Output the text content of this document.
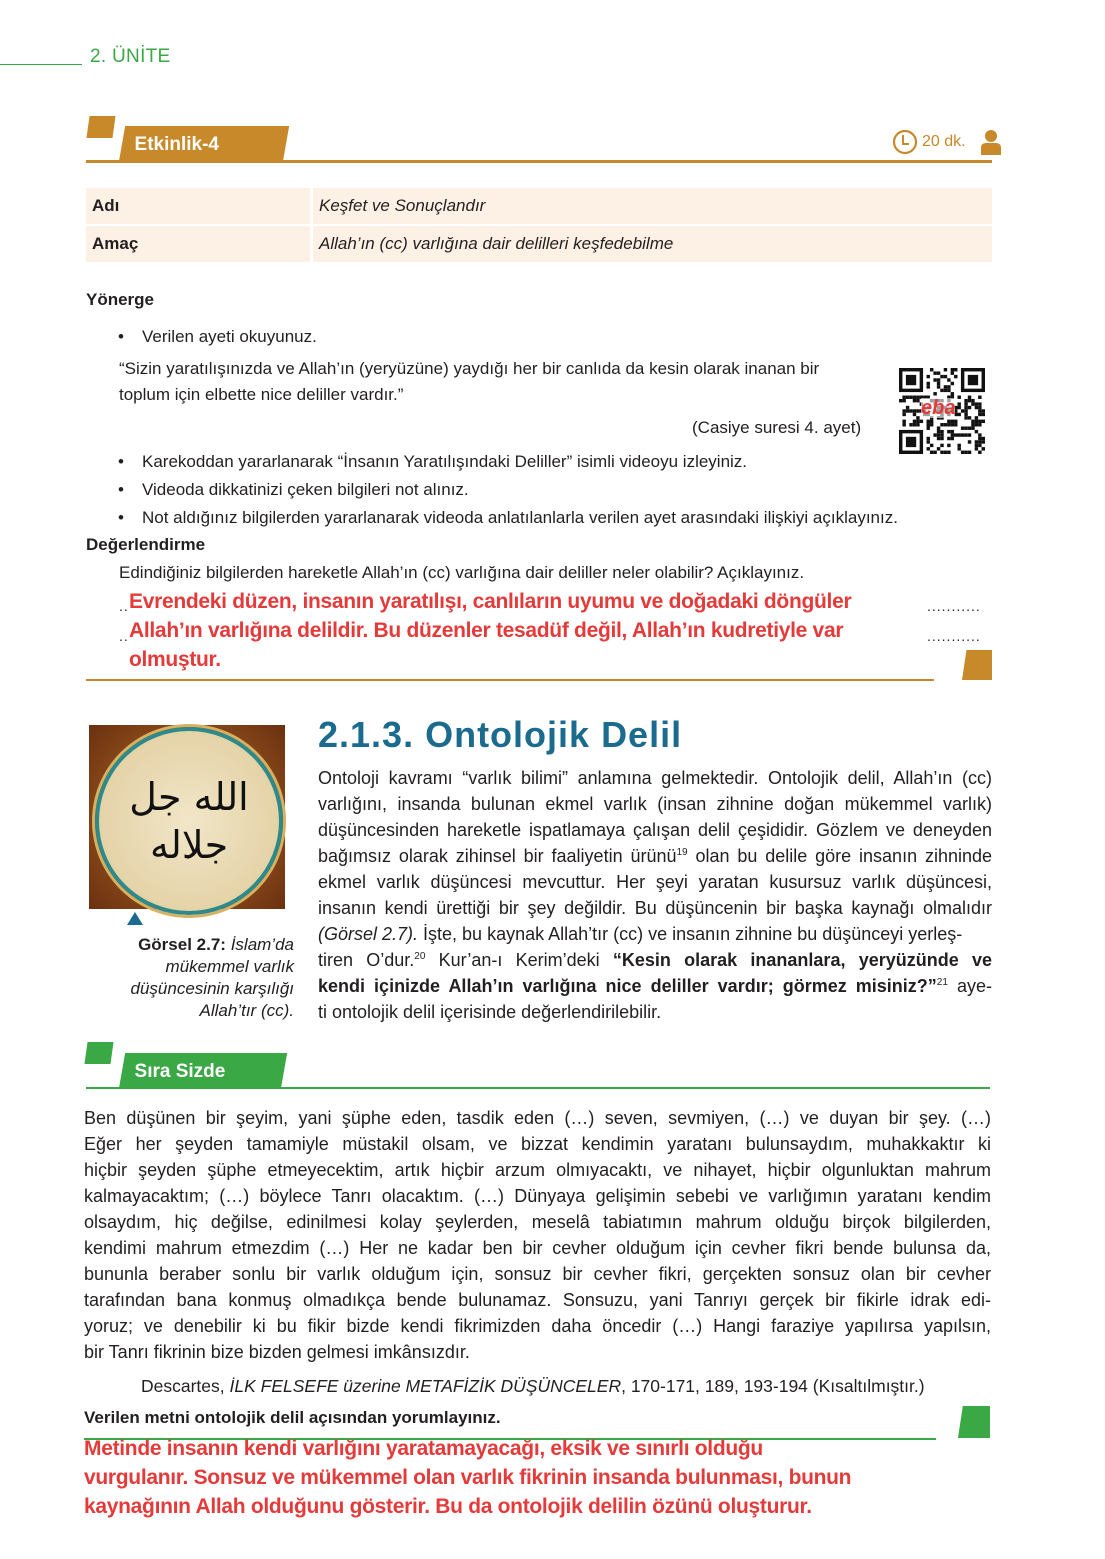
2. ÜNİTE
Etkinlik-4	20 dk.
Adı	Keşfet ve Sonuçlandır
Amaç	Allah’ın (cc) varlığına dair delilleri keşfedebilme
Yönerge
• Verilen ayeti okuyunuz.
“Sizin yaratılışınızda ve Allah’ın (yeryüzüne) yaydığı her bir canlıda da kesin olarak inanan bir
toplum için elbette nice deliller vardır.”
(Casiye suresi 4. ayet)
eba
• Karekoddan yararlanarak “İnsanın Yaratılışındaki Deliller” isimli videoyu izleyiniz.
• Videoda dikkatinizi çeken bilgileri not alınız.
• Not aldığınız bilgilerden yararlanarak videoda anlatılanlarla verilen ayet arasındaki ilişkiyi açıklayınız.
Değerlendirme
Edindiğiniz bilgilerden hareketle Allah’ın (cc) varlığına dair deliller neler olabilir? Açıklayınız.
..	...........
..	...........
Evrendeki düzen, insanın yaratılışı, canlıların uyumu ve doğadaki döngüler
Allah’ın varlığına delildir. Bu düzenler tesadüf değil, Allah’ın kudretiyle var
olmuştur.
الله جل جلاله
Görsel 2.7: İslam’da
mükemmel varlık
düşüncesinin karşılığı
Allah’tır (cc).
2.1.3. Ontolojik Delil
Ontoloji kavramı “varlık bilimi” anlamına gelmektedir. Ontolojik delil, Allah’ın (cc)
varlığını, insanda bulunan ekmel varlık (insan zihnine doğan mükemmel varlık)
düşüncesinden hareketle ispatlamaya çalışan delil çeşididir. Gözlem ve deneyden
bağımsız olarak zihinsel bir faaliyetin ürünü$^{19}$ olan bu delile göre insanın zihninde
ekmel varlık düşüncesi mevcuttur. Her şeyi yaratan kusursuz varlık düşüncesi,
insanın kendi ürettiği bir şey değildir. Bu düşüncenin bir başka kaynağı olmalıdır
(Görsel 2.7). İşte, bu kaynak Allah’tır (cc) ve insanın zihnine bu düşünceyi yerleş-
tiren O’dur.$^{20}$ Kur’an-ı Kerim’deki “Kesin olarak inananlara, yeryüzünde ve
kendi içinizde Allah’ın varlığına nice deliller vardır; görmez misiniz?”$^{21}$ aye-
ti ontolojik delil içerisinde değerlendirilebilir.
Sıra Sizde
Ben düşünen bir şeyim, yani şüphe eden, tasdik eden (…) seven, sevmiyen, (…) ve duyan bir şey. (…)
Eğer her şeyden tamamiyle müstakil olsam, ve bizzat kendimin yaratanı bulunsaydım, muhakkaktır ki
hiçbir şeyden şüphe etmeyecektim, artık hiçbir arzum olmıyacaktı, ve nihayet, hiçbir olgunluktan mahrum
kalmayacaktım; (…) böylece Tanrı olacaktım. (…) Dünyaya gelişimin sebebi ve varlığımın yaratanı kendim
olsaydım, hiç değilse, edinilmesi kolay şeylerden, meselâ tabiatımın mahrum olduğu birçok bilgilerden,
kendimi mahrum etmezdim (…) Her ne kadar ben bir cevher olduğum için cevher fikri bende bulunsa da,
bununla beraber sonlu bir varlık olduğum için, sonsuz bir cevher fikri, gerçekten sonsuz olan bir cevher
tarafından bana konmuş olmadıkça bende bulunamaz. Sonsuzu, yani Tanrıyı gerçek bir fikirle idrak edi-
yoruz; ve denebilir ki bu fikir bizde kendi fikrimizden daha öncedir (…) Hangi faraziye yapılırsa yapılsın,
bir Tanrı fikrinin bize bizden gelmesi imkânsızdır.
Descartes, İLK FELSEFE üzerine METAFİZİK DÜŞÜNCELER, 170-171, 189, 193-194 (Kısaltılmıştır.)
Verilen metni ontolojik delil açısından yorumlayınız.
Metinde insanın kendi varlığını yaratamayacağı, eksik ve sınırlı olduğu
vurgulanır. Sonsuz ve mükemmel olan varlık fikrinin insanda bulunması, bunun
kaynağının Allah olduğunu gösterir. Bu da ontolojik delilin özünü oluşturur.
